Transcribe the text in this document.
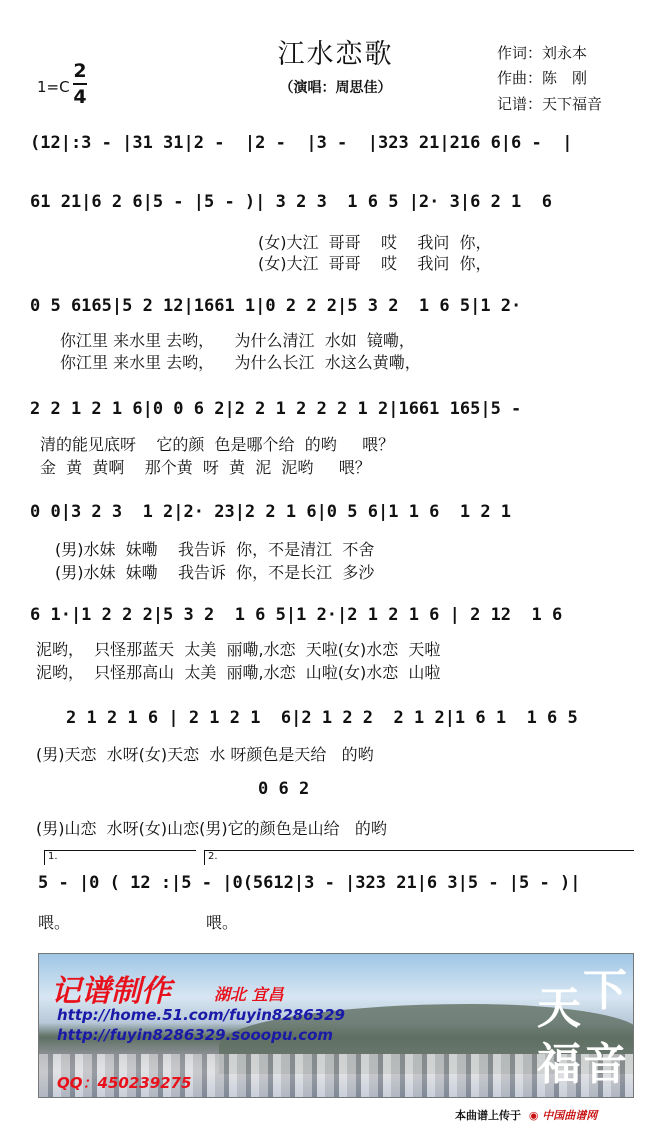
江水恋歌
（演唱：周思佳）
作词：刘永本
作曲：陈　刚
记谱：天下福音
1=C
2
4
(12|:3 - |31 31|2 -  |2 -  |3 -  |323 21|216 6|6 -  |
61 21|6 2 6|5 - |5 - )| 3 2 3  1 6 5 |2· 3|6 2 1  6
(女)大江  哥哥    哎    我问  你，
(女)大江  哥哥    哎    我问  你，
0 5 6165|5 2 12|1661 1|0 2 2 2|5 3 2  1 6 5|1 2·
你江里 来水里 去哟，    为什么清江  水如  镜嘞，
你江里 来水里 去哟，    为什么长江  水这么黄嘞，
2 2 1 2 1 6|0 0 6 2|2 2 1 2 2 2 1 2|1661 165|5 -
清的能见底呀    它的颜  色是哪个给  的哟     喂？
金  黄  黄啊    那个黄  呀  黄  泥  泥哟     喂？
0 0|3 2 3  1 2|2· 23|2 2 1 6|0 5 6|1 1 6  1 2 1
(男)水妹  妹嘞    我告诉  你，不是清江  不舍
(男)水妹  妹嘞    我告诉  你，不是长江  多沙
6 1·|1 2 2 2|5 3 2  1 6 5|1 2·|2 1 2 1 6 | 2 12  1 6
泥哟，  只怪那蓝天  太美  丽嘞,水恋  天啦(女)水恋  天啦
泥哟，  只怪那高山  太美  丽嘞,水恋  山啦(女)水恋  山啦
2 1 2 1 6 | 2 1 2 1  6|2 1 2 2  2 1 2|1 6 1  1 6 5
(男)天恋  水呀(女)天恋  水 呀颜色是天给   的哟
0 6 2
(男)山恋  水呀(女)山恋(男)它的颜色是山给   的哟
1.	2.
5 - |0 ( 12 :|5 - |0(5612|3 - |323 21|6 3|5 - |5 - )|
喂。	喂。
记谱制作	湖北 宜昌
http://home.51.com/fuyin8286329
http://fuyin8286329.sooopu.com
QQ：450239275
天 下
福 音
本曲谱上传于 ◉ 中国曲谱网
